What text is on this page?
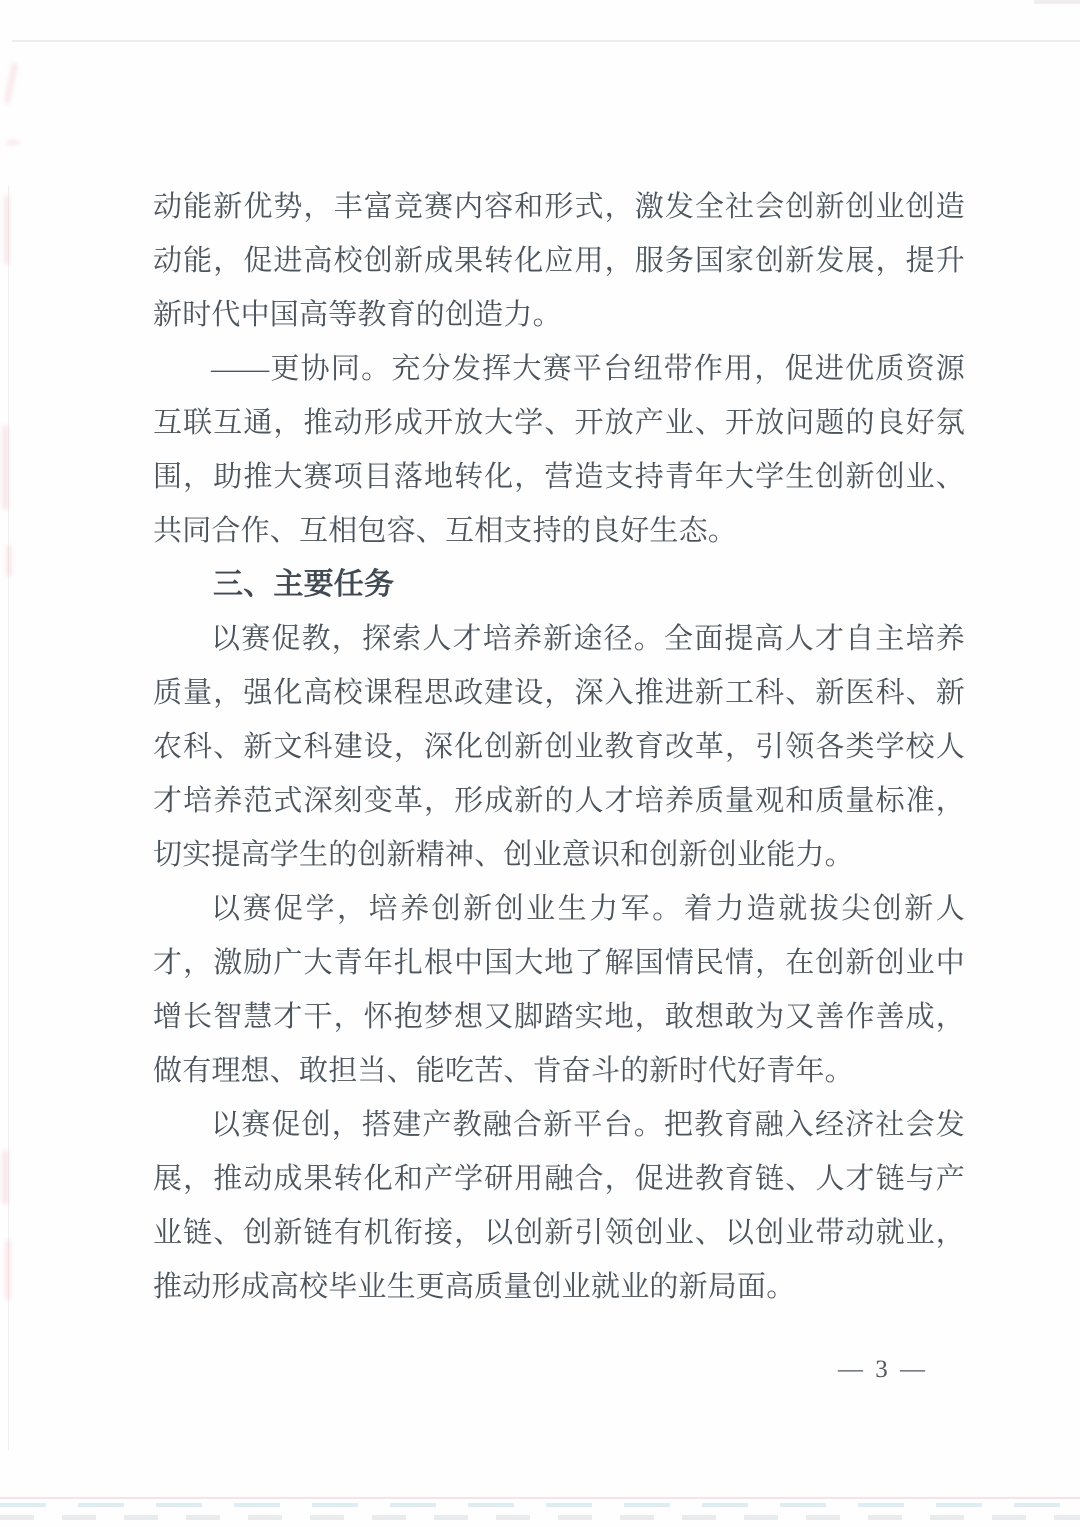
动能新优势，丰富竞赛内容和形式，激发全社会创新创业创造动能，促进高校创新成果转化应用，服务国家创新发展，提升新时代中国高等教育的创造力。

——更协同。充分发挥大赛平台纽带作用，促进优质资源互联互通，推动形成开放大学、开放产业、开放问题的良好氛围，助推大赛项目落地转化，营造支持青年大学生创新创业、共同合作、互相包容、互相支持的良好生态。

三、主要任务

以赛促教，探索人才培养新途径。全面提高人才自主培养质量，强化高校课程思政建设，深入推进新工科、新医科、新农科、新文科建设，深化创新创业教育改革，引领各类学校人才培养范式深刻变革，形成新的人才培养质量观和质量标准，切实提高学生的创新精神、创业意识和创新创业能力。

以赛促学，培养创新创业生力军。着力造就拔尖创新人才，激励广大青年扎根中国大地了解国情民情，在创新创业中增长智慧才干，怀抱梦想又脚踏实地，敢想敢为又善作善成，做有理想、敢担当、能吃苦、肯奋斗的新时代好青年。

以赛促创，搭建产教融合新平台。把教育融入经济社会发展，推动成果转化和产学研用融合，促进教育链、人才链与产业链、创新链有机衔接，以创新引领创业、以创业带动就业，推动形成高校毕业生更高质量创业就业的新局面。

— 3 —
